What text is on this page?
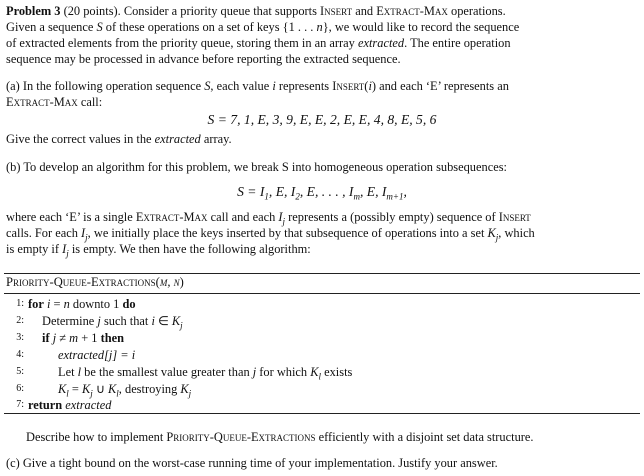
Problem 3 (20 points). Consider a priority queue that supports Insert and Extract-Max operations.
Given a sequence S of these operations on a set of keys {1 . . . n}, we would like to record the sequence
of extracted elements from the priority queue, storing them in an array extracted. The entire operation
sequence may be processed in advance before reporting the extracted sequence.
(a) In the following operation sequence S, each value i represents Insert(i) and each ‘E’ represents an
Extract-Max call:
S = 7, 1, E, 3, 9, E, E, 2, E, E, 4, 8, E, 5, 6
Give the correct values in the extracted array.
(b) To develop an algorithm for this problem, we break S into homogeneous operation subsequences:
$S = I_1$, E, $I_2$, E, . . . , $I_m$, E, $I_{m+1}$,
where each ‘E’ is a single Extract-Max call and each $I_j$ represents a (possibly empty) sequence of Insert
calls. For each $I_j$, we initially place the keys inserted by that subsequence of operations into a set $K_j$, which
is empty if $I_j$ is empty. We then have the following algorithm:
Priority-Queue-Extractions(m, n)
1: for i = n downto 1 do
2: Determine j such that i ∈ $K_j$
3: if j ≠ m + 1 then
4:	extracted[j] = i
5:	Let l be the smallest value greater than j for which $K_l$ exists
6:	$K_l = K_j$ ∪ $K_l$, destroying $K_j$
7: return extracted
Describe how to implement Priority-Queue-Extractions efficiently with a disjoint set data structure.
(c) Give a tight bound on the worst-case running time of your implementation. Justify your answer.
